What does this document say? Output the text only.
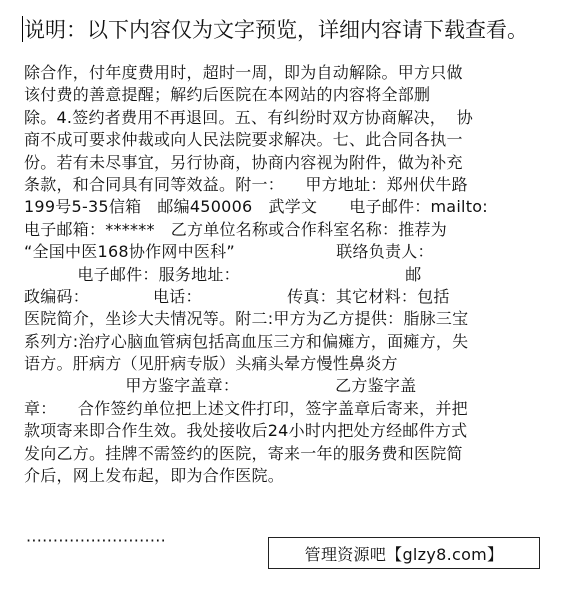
说明：以下内容仅为文字预览，详细内容请下载查看。
除合作，付年度费用时，超时一周，即为自动解除。甲方只做
该付费的善意提醒；解约后医院在本网站的内容将全部删
除。4.签约者费用不再退回。五、有纠纷时双方协商解决，  协
商不成可要求仲裁或向人民法院要求解决。七、此合同各执一
份。若有未尽事宜，另行协商，协商内容视为附件，做为补充
条款，和合同具有同等效益。附一：    甲方地址：郑州伏牛路
199号5-35信箱   邮编450006   武学文      电子邮件：mailto:
电子邮箱：******   乙方单位名称或合作科室名称：推荐为
“全国中医168协作网中医科”                   联络负责人：
电子邮件：服务地址：                               邮
政编码：            电话：                传真：其它材料：包括
医院简介，坐诊大夫情况等。附二:甲方为乙方提供：脂脉三宝
系列方:治疗心脑血管病包括高血压三方和偏瘫方，面瘫方，失
语方。肝病方（见肝病专版）头痛头晕方慢性鼻炎方
甲方鉴字盖章：                  乙方鉴字盖
章：    合作签约单位把上述文件打印，签字盖章后寄来，并把
款项寄来即合作生效。我处接收后24小时内把处方经邮件方式
发向乙方。挂牌不需签约的医院，寄来一年的服务费和医院简
介后，网上发布起，即为合作医院。
··························
管理资源吧【glzy8.com】
